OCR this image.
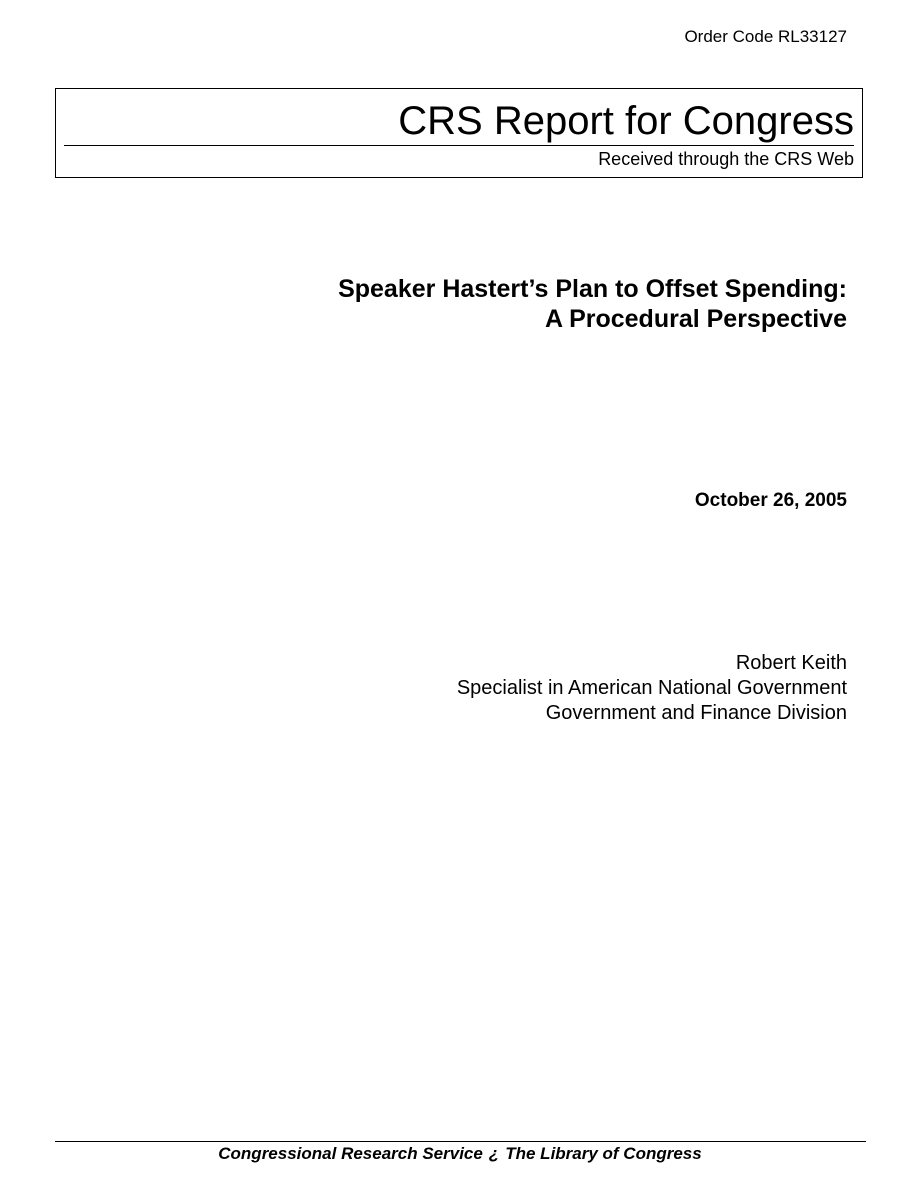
Order Code RL33127
CRS Report for Congress
Received through the CRS Web
Speaker Hastert’s Plan to Offset Spending:
A Procedural Perspective
October 26, 2005
Robert Keith
Specialist in American National Government
Government and Finance Division
Congressional Research Service ¿ The Library of Congress
